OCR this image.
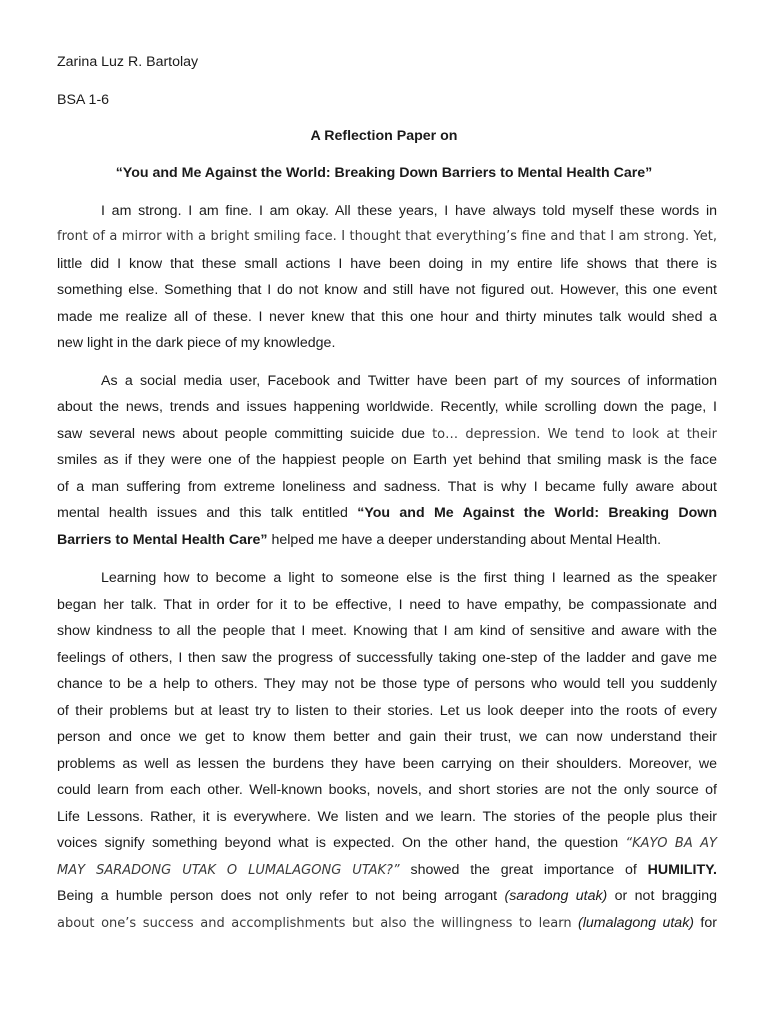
Zarina Luz R. Bartolay
BSA 1-6
A Reflection Paper on
“You and Me Against the World: Breaking Down Barriers to Mental Health Care”
I am strong. I am fine. I am okay. All these years, I have always told myself these words in
front of a mirror with a bright smiling face. I thought that everything’s fine and that I am strong. Yet,
little did I know that these small actions I have been doing in my entire life shows that there is
something else. Something that I do not know and still have not figured out. However, this one event
made me realize all of these. I never knew that this one hour and thirty minutes talk would shed a
new light in the dark piece of my knowledge.
As a social media user, Facebook and Twitter have been part of my sources of information
about the news, trends and issues happening worldwide. Recently, while scrolling down the page, I
saw several news about people committing suicide due to… depression. We tend to look at their
smiles as if they were one of the happiest people on Earth yet behind that smiling mask is the face
of a man suffering from extreme loneliness and sadness. That is why I became fully aware about
mental health issues and this talk entitled “You and Me Against the World: Breaking Down
Barriers to Mental Health Care” helped me have a deeper understanding about Mental Health.
Learning how to become a light to someone else is the first thing I learned as the speaker
began her talk. That in order for it to be effective, I need to have empathy, be compassionate and
show kindness to all the people that I meet. Knowing that I am kind of sensitive and aware with the
feelings of others, I then saw the progress of successfully taking one-step of the ladder and gave me
chance to be a help to others. They may not be those type of persons who would tell you suddenly
of their problems but at least try to listen to their stories. Let us look deeper into the roots of every
person and once we get to know them better and gain their trust, we can now understand their
problems as well as lessen the burdens they have been carrying on their shoulders. Moreover, we
could learn from each other. Well-known books, novels, and short stories are not the only source of
Life Lessons. Rather, it is everywhere. We listen and we learn. The stories of the people plus their
voices signify something beyond what is expected. On the other hand, the question “KAYO BA AY
MAY SARADONG UTAK O LUMALAGONG UTAK?” showed the great importance of HUMILITY.
Being a humble person does not only refer to not being arrogant (saradong utak) or not bragging
about one’s success and accomplishments but also the willingness to learn (lumalagong utak) for
